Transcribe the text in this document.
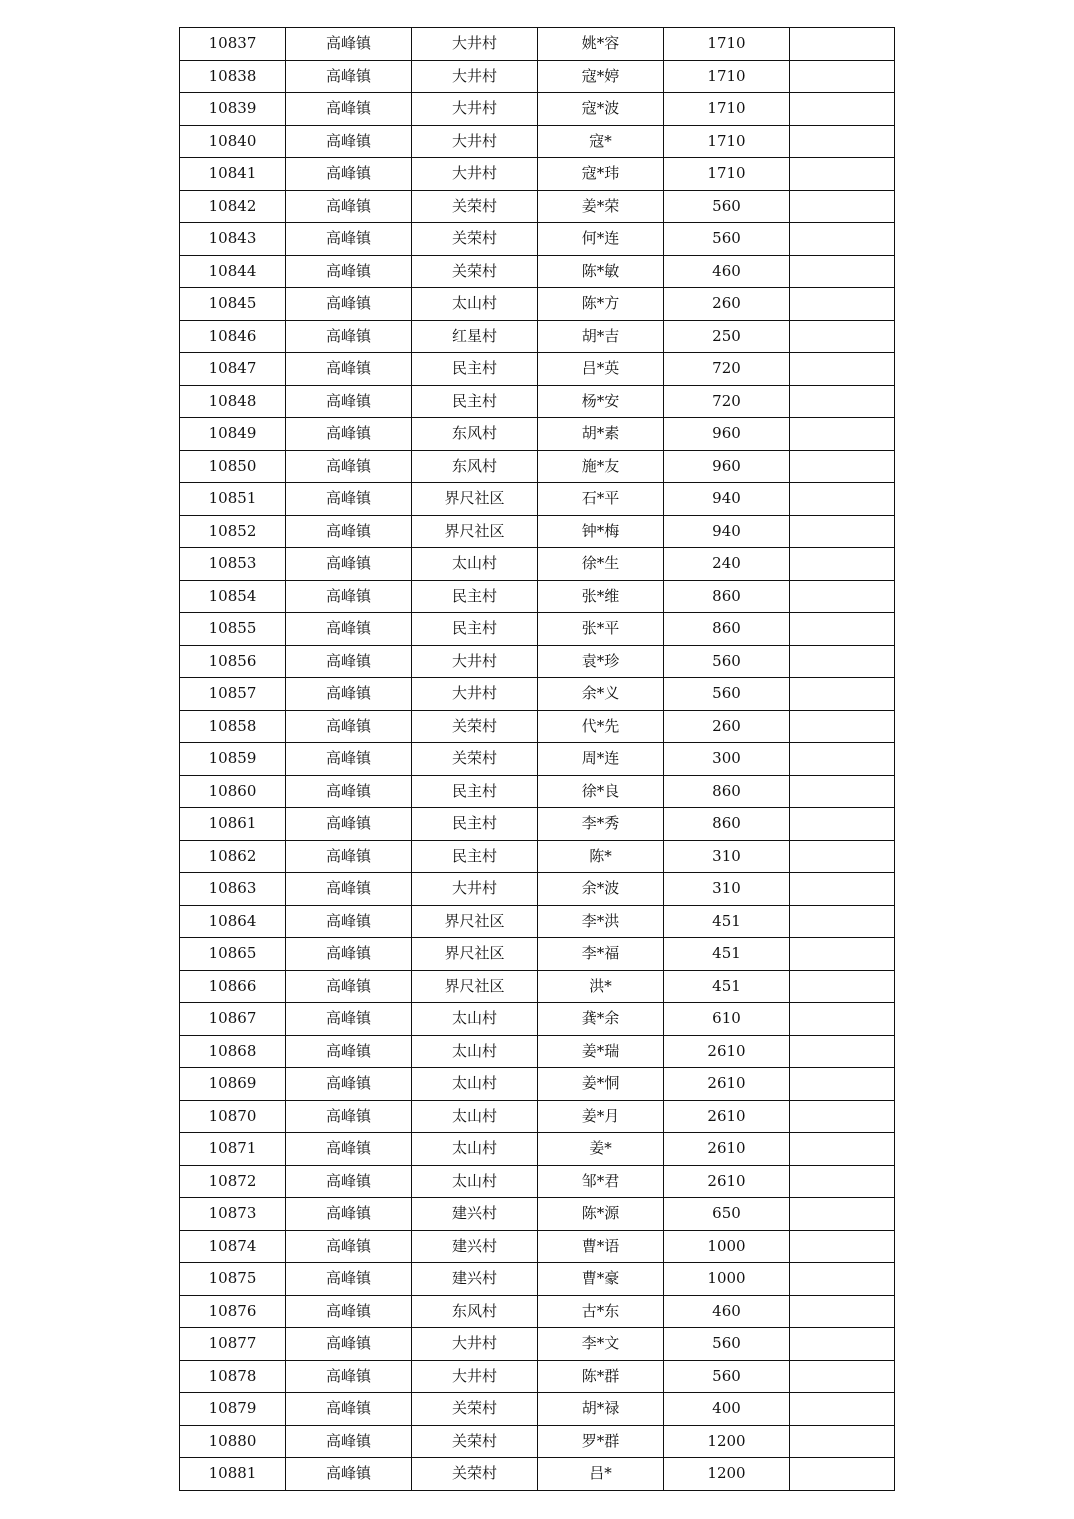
10837	高峰镇	大井村	姚*容	1710	
10838	高峰镇	大井村	寇*婷	1710	
10839	高峰镇	大井村	寇*波	1710	
10840	高峰镇	大井村	寇*	1710	
10841	高峰镇	大井村	寇*玮	1710	
10842	高峰镇	关荣村	姜*荣	560	
10843	高峰镇	关荣村	何*连	560	
10844	高峰镇	关荣村	陈*敏	460	
10845	高峰镇	太山村	陈*方	260	
10846	高峰镇	红星村	胡*吉	250	
10847	高峰镇	民主村	吕*英	720	
10848	高峰镇	民主村	杨*安	720	
10849	高峰镇	东风村	胡*素	960	
10850	高峰镇	东风村	施*友	960	
10851	高峰镇	界尺社区	石*平	940	
10852	高峰镇	界尺社区	钟*梅	940	
10853	高峰镇	太山村	徐*生	240	
10854	高峰镇	民主村	张*维	860	
10855	高峰镇	民主村	张*平	860	
10856	高峰镇	大井村	袁*珍	560	
10857	高峰镇	大井村	余*义	560	
10858	高峰镇	关荣村	代*先	260	
10859	高峰镇	关荣村	周*连	300	
10860	高峰镇	民主村	徐*良	860	
10861	高峰镇	民主村	李*秀	860	
10862	高峰镇	民主村	陈*	310	
10863	高峰镇	大井村	余*波	310	
10864	高峰镇	界尺社区	李*洪	451	
10865	高峰镇	界尺社区	李*福	451	
10866	高峰镇	界尺社区	洪*	451	
10867	高峰镇	太山村	龚*余	610	
10868	高峰镇	太山村	姜*瑞	2610	
10869	高峰镇	太山村	姜*恫	2610	
10870	高峰镇	太山村	姜*月	2610	
10871	高峰镇	太山村	姜*	2610	
10872	高峰镇	太山村	邹*君	2610	
10873	高峰镇	建兴村	陈*源	650	
10874	高峰镇	建兴村	曹*语	1000	
10875	高峰镇	建兴村	曹*豪	1000	
10876	高峰镇	东风村	古*东	460	
10877	高峰镇	大井村	李*文	560	
10878	高峰镇	大井村	陈*群	560	
10879	高峰镇	关荣村	胡*禄	400	
10880	高峰镇	关荣村	罗*群	1200	
10881	高峰镇	关荣村	吕*	1200	
